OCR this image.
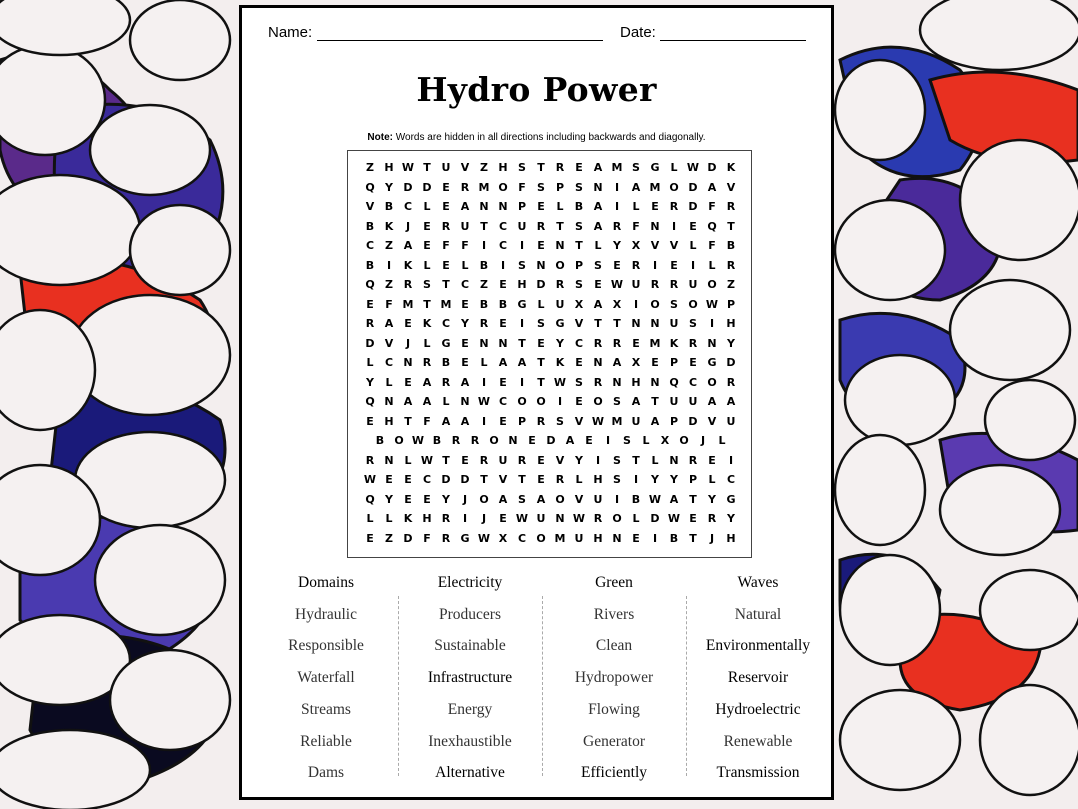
Name:	Date:
Hydro Power
Note: Words are hidden in all directions including backwards and diagonally.
Z H W T U V Z H S	T	R	E A M S G L W D K
Q Y D D E	R M O F	S	P	S N	I	A M O D A V
V B C	L	E A N N P	E	L	B A	I	L	E	R D F	R
B K	J	E	R U T	C U R	T	S A R	F N	I	E Q T
C Z A E	F	F	I	C	I	E N T	L	Y X V V	L	F	B
B	I	K	L	E	L	B	I	S N O P	S	E	R	I	E	I	L	R
Q Z R S	T	C Z	E H D R S	E W U R R U O Z
E	F M T M E	B B G L	U X A X	I	O S O W P
R A E K C Y R	E	I	S G V T	T N N U S	I	H
D V	J	L G E N N T	E	Y C R R	E M K R N Y
L	C N R B	E	L	A A T K E N A X	E	P	E G D
Y	L	E A R A	I	E	I	T W S R N H N Q C O R
Q N A A	L N W C O O	I	E O S A T U U A A
E H T	F A A	I	E	P R S V W M U A P D V U
B O W B R R O N E D A E	I	S	L	X O	J	L
R N L W T	E	R U R	E V Y	I	S	T	L N R	E	I
W E	E	C D D T V T	E	R	L H S	I	Y	Y P	L	C
Q Y	E	E	Y	J	O A S A O V U	I	B W A T	Y G
L	L	K H R	I	J	E W U N W R O L D W E	R Y
E	Z D F	R G W X C O M U H N E	I	B	T	J	H
Domains
Hydraulic
Responsible
Waterfall
Streams
Reliable
Dams
Electricity
Producers
Sustainable
Infrastructure
Energy
Inexhaustible
Alternative
Green
Rivers
Clean
Hydropower
Flowing
Generator
Efficiently
Waves
Natural
Environmentally
Reservoir
Hydroelectric
Renewable
Transmission
